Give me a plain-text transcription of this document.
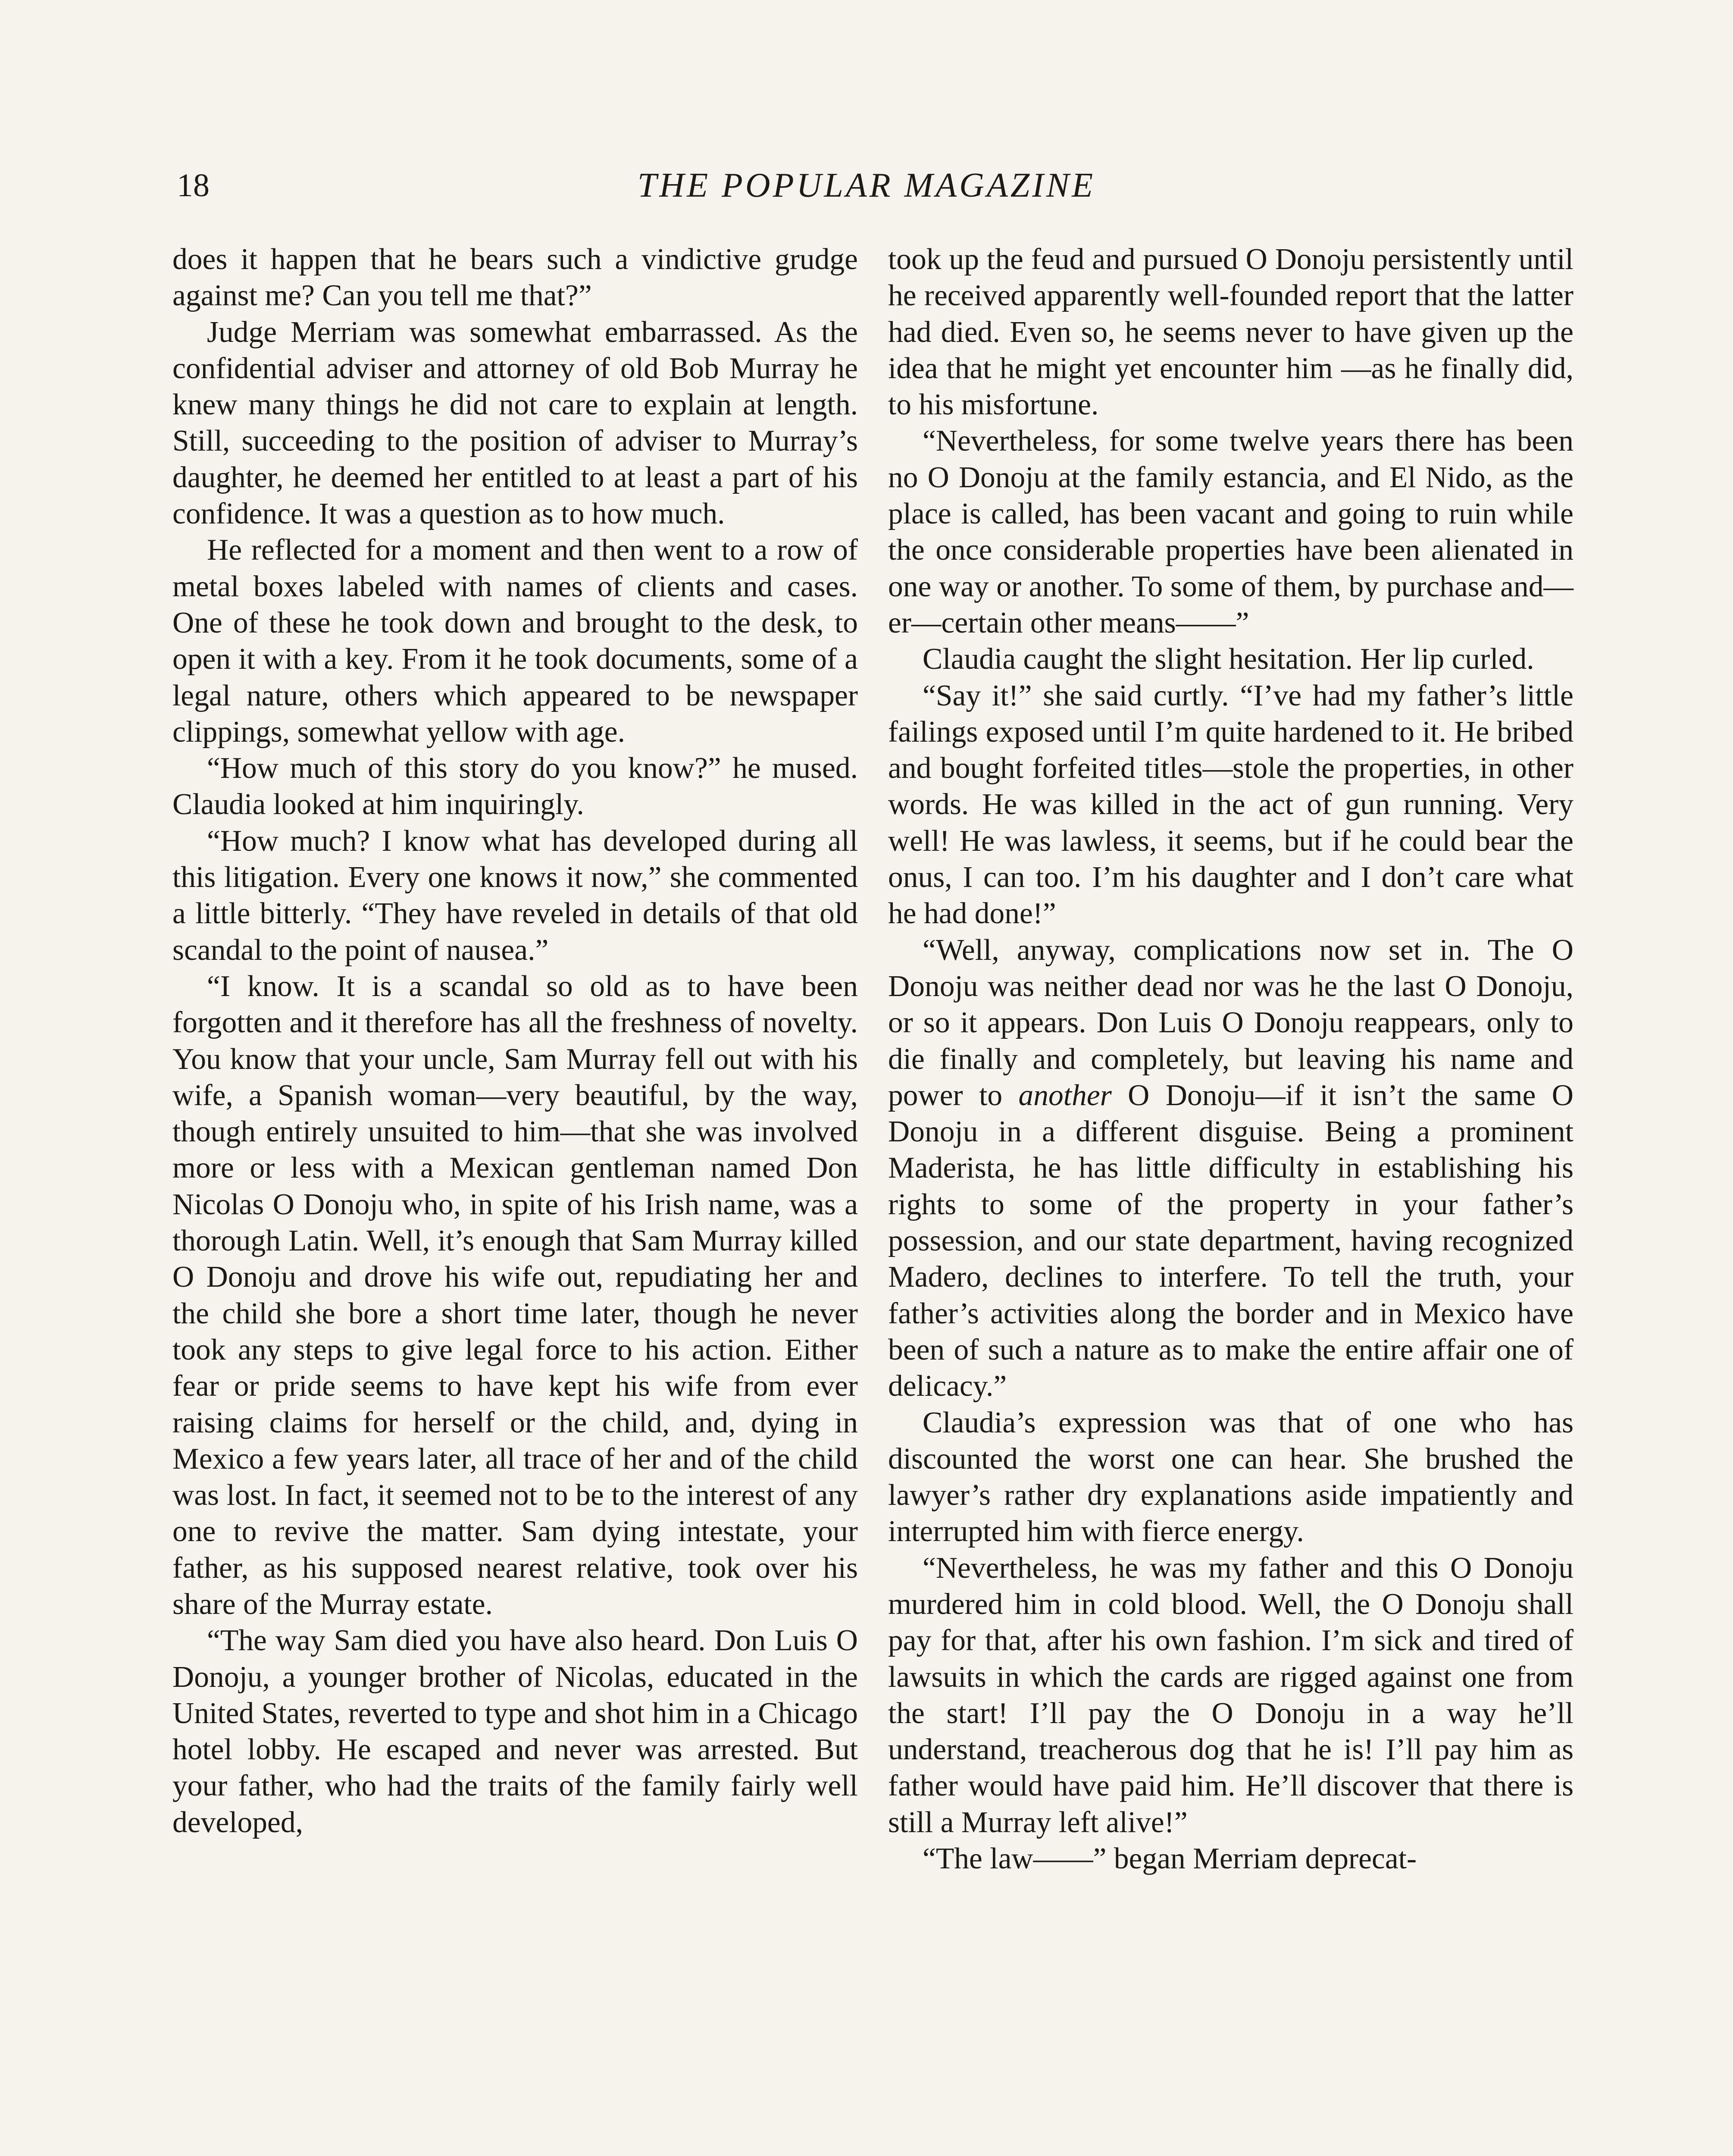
18	THE POPULAR MAGAZINE

does it happen that he bears such a vindictive grudge against me? Can you tell me that?”

Judge Merriam was somewhat embarrassed. As the confidential adviser and attorney of old Bob Murray he knew many things he did not care to explain at length. Still, succeeding to the position of adviser to Murray’s daughter, he deemed her entitled to at least a part of his confidence. It was a question as to how much.

He reflected for a moment and then went to a row of metal boxes labeled with names of clients and cases. One of these he took down and brought to the desk, to open it with a key. From it he took documents, some of a legal nature, others which appeared to be newspaper clippings, somewhat yellow with age.

“How much of this story do you know?” he mused. Claudia looked at him inquiringly.

“How much? I know what has developed during all this litigation. Every one knows it now,” she commented a little bitterly. “They have reveled in details of that old scandal to the point of nausea.”

“I know. It is a scandal so old as to have been forgotten and it therefore has all the freshness of novelty. You know that your uncle, Sam Murray fell out with his wife, a Spanish woman—very beautiful, by the way, though entirely unsuited to him—that she was involved more or less with a Mexican gentleman named Don Nicolas O Donoju who, in spite of his Irish name, was a thorough Latin. Well, it’s enough that Sam Murray killed O Donoju and drove his wife out, repudiating her and the child she bore a short time later, though he never took any steps to give legal force to his action. Either fear or pride seems to have kept his wife from ever raising claims for herself or the child, and, dying in Mexico a few years later, all trace of her and of the child was lost. In fact, it seemed not to be to the interest of any one to revive the matter. Sam dying intestate, your father, as his supposed nearest relative, took over his share of the Murray estate.

“The way Sam died you have also heard. Don Luis O Donoju, a younger brother of Nicolas, educated in the United States, reverted to type and shot him in a Chicago hotel lobby. He escaped and never was arrested. But your father, who had the traits of the family fairly well developed,

took up the feud and pursued O Donoju persistently until he received apparently well-founded report that the latter had died. Even so, he seems never to have given up the idea that he might yet encounter him —as he finally did, to his misfortune.

“Nevertheless, for some twelve years there has been no O Donoju at the family estancia, and El Nido, as the place is called, has been vacant and going to ruin while the once considerable properties have been alienated in one way or another. To some of them, by purchase and—er—certain other means——”

Claudia caught the slight hesitation. Her lip curled.

“Say it!” she said curtly. “I’ve had my father’s little failings exposed until I’m quite hardened to it. He bribed and bought forfeited titles—stole the properties, in other words. He was killed in the act of gun running. Very well! He was lawless, it seems, but if he could bear the onus, I can too. I’m his daughter and I don’t care what he had done!”

“Well, anyway, complications now set in. The O Donoju was neither dead nor was he the last O Donoju, or so it appears. Don Luis O Donoju reappears, only to die finally and completely, but leaving his name and power to another O Donoju—if it isn’t the same O Donoju in a different disguise. Being a prominent Maderista, he has little difficulty in establishing his rights to some of the property in your father’s possession, and our state department, having recognized Madero, declines to interfere. To tell the truth, your father’s activities along the border and in Mexico have been of such a nature as to make the entire affair one of delicacy.”

Claudia’s expression was that of one who has discounted the worst one can hear. She brushed the lawyer’s rather dry explanations aside impatiently and interrupted him with fierce energy.

“Nevertheless, he was my father and this O Donoju murdered him in cold blood. Well, the O Donoju shall pay for that, after his own fashion. I’m sick and tired of lawsuits in which the cards are rigged against one from the start! I’ll pay the O Donoju in a way he’ll understand, treacherous dog that he is! I’ll pay him as father would have paid him. He’ll discover that there is still a Murray left alive!”

“The law——” began Merriam deprecat-
